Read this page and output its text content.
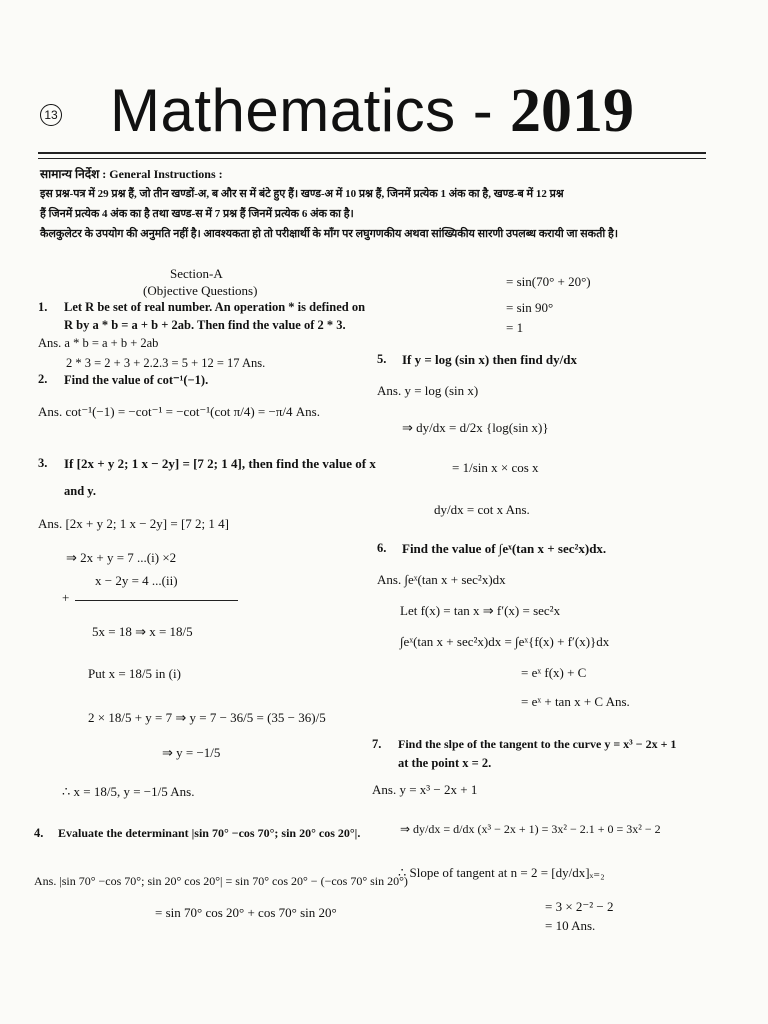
13 Mathematics - 2019
सामान्य निर्देश : General Instructions :
इस प्रश्न-पत्र में 29 प्रश्न हैं, जो तीन खण्डों-अ, ब और स में बंटे हुए हैं। खण्ड-अ में 10 प्रश्न हैं, जिनमें प्रत्येक 1 अंक का है, खण्ड-ब में 12 प्रश्न
हैं जिनमें प्रत्येक 4 अंक का है तथा खण्ड-स में 7 प्रश्न हैं जिनमें प्रत्येक 6 अंक का है।
कैलकुलेटर के उपयोग की अनुमति नहीं है। आवश्यकता हो तो परीक्षार्थी के माँग पर लघुगणकीय अथवा सांख्यिकीय सारणी उपलब्ध करायी जा सकती है।
Section-A
(Objective Questions)
1. Let R be set of real number. An operation * is defined on
R by a * b = a + b + 2ab. Then find the value of 2 * 3.
Ans. a * b = a + b + 2ab
2 * 3 = 2 + 3 + 2.2.3 = 5 + 12 = 17 Ans.
2. Find the value of cot⁻¹(−1).
Ans. cot⁻¹(−1) = −cot⁻¹ = −cot⁻¹(cot π/4) = −π/4 Ans.
3. If [2x + y 2; 1 x − 2y] = [7 2; 1 4], then find the value of x
and y.
Ans. [2x + y 2; 1 x − 2y] = [7 2; 1 4]
⇒ 2x + y = 7 ...(i) ×2
x − 2y = 4 ...(ii)
+
5x = 18 ⇒ x = 18/5
Put x = 18/5 in (i)
2 × 18/5 + y = 7 ⇒ y = 7 − 36/5 = (35 − 36)/5
⇒ y = −1/5
∴ x = 18/5, y = −1/5 Ans.
4. Evaluate the determinant |sin 70° −cos 70°; sin 20° cos 20°|.
Ans. |sin 70° −cos 70°; sin 20° cos 20°| = sin 70° cos 20° − (−cos 70° sin 20°)
= sin 70° cos 20° + cos 70° sin 20°
= sin(70° + 20°)
= sin 90°
= 1
5. If y = log (sin x) then find dy/dx
Ans. y = log (sin x)
⇒ dy/dx = d/2x {log(sin x)}
= 1/sin x × cos x
dy/dx = cot x Ans.
6. Find the value of ∫eˣ(tan x + sec²x)dx.
Ans. ∫eˣ(tan x + sec²x)dx
Let f(x) = tan x ⇒ f′(x) = sec²x
∫eˣ(tan x + sec²x)dx = ∫eˣ{f(x) + f′(x)}dx
= eˣ f(x) + C
= eˣ + tan x + C Ans.
7. Find the slpe of the tangent to the curve y = x³ − 2x + 1
at the point x = 2.
Ans. y = x³ − 2x + 1
⇒ dy/dx = d/dx (x³ − 2x + 1) = 3x² − 2.1 + 0 = 3x² − 2
∴ Slope of tangent at n = 2 = [dy/dx]ₓ₌₂
= 3 × 2⁻² − 2
= 10 Ans.
